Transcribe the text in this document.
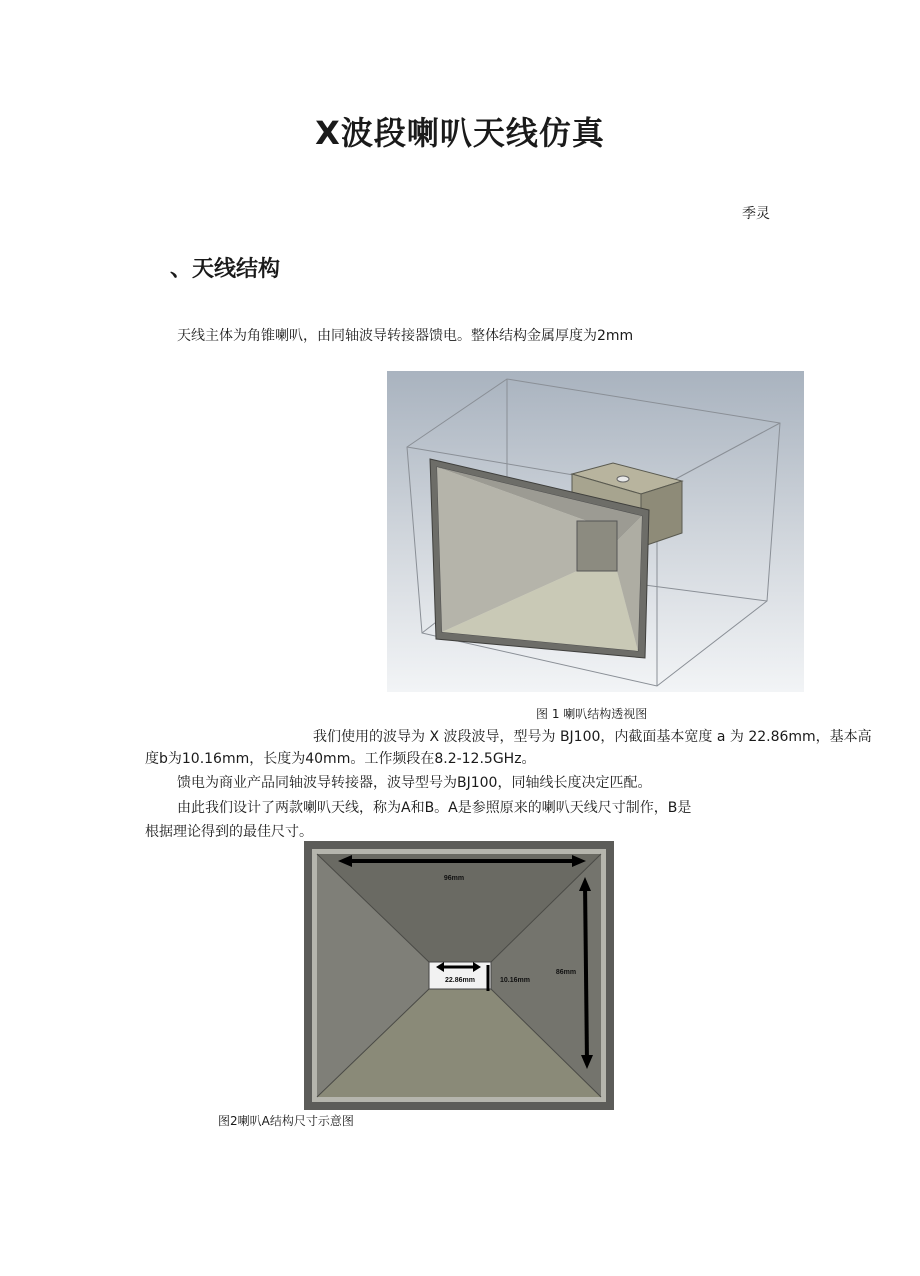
X波段喇叭天线仿真
季灵
、天线结构
天线主体为角锥喇叭，由同轴波导转接器馈电。整体结构金属厚度为2mm
图 1 喇叭结构透视图
我们使用的波导为 X 波段波导，型号为 BJ100，内截面基本宽度 a 为 22.86mm，基本高
度b为10.16mm，长度为40mm。工作频段在8.2-12.5GHz。
馈电为商业产品同轴波导转接器，波导型号为BJ100，同轴线长度决定匹配。
由此我们设计了两款喇叭天线，称为A和B。A是参照原来的喇叭天线尺寸制作，B是
根据理论得到的最佳尺寸。
96mm
86mm
22.86mm	10.16mm
图2喇叭A结构尺寸示意图
